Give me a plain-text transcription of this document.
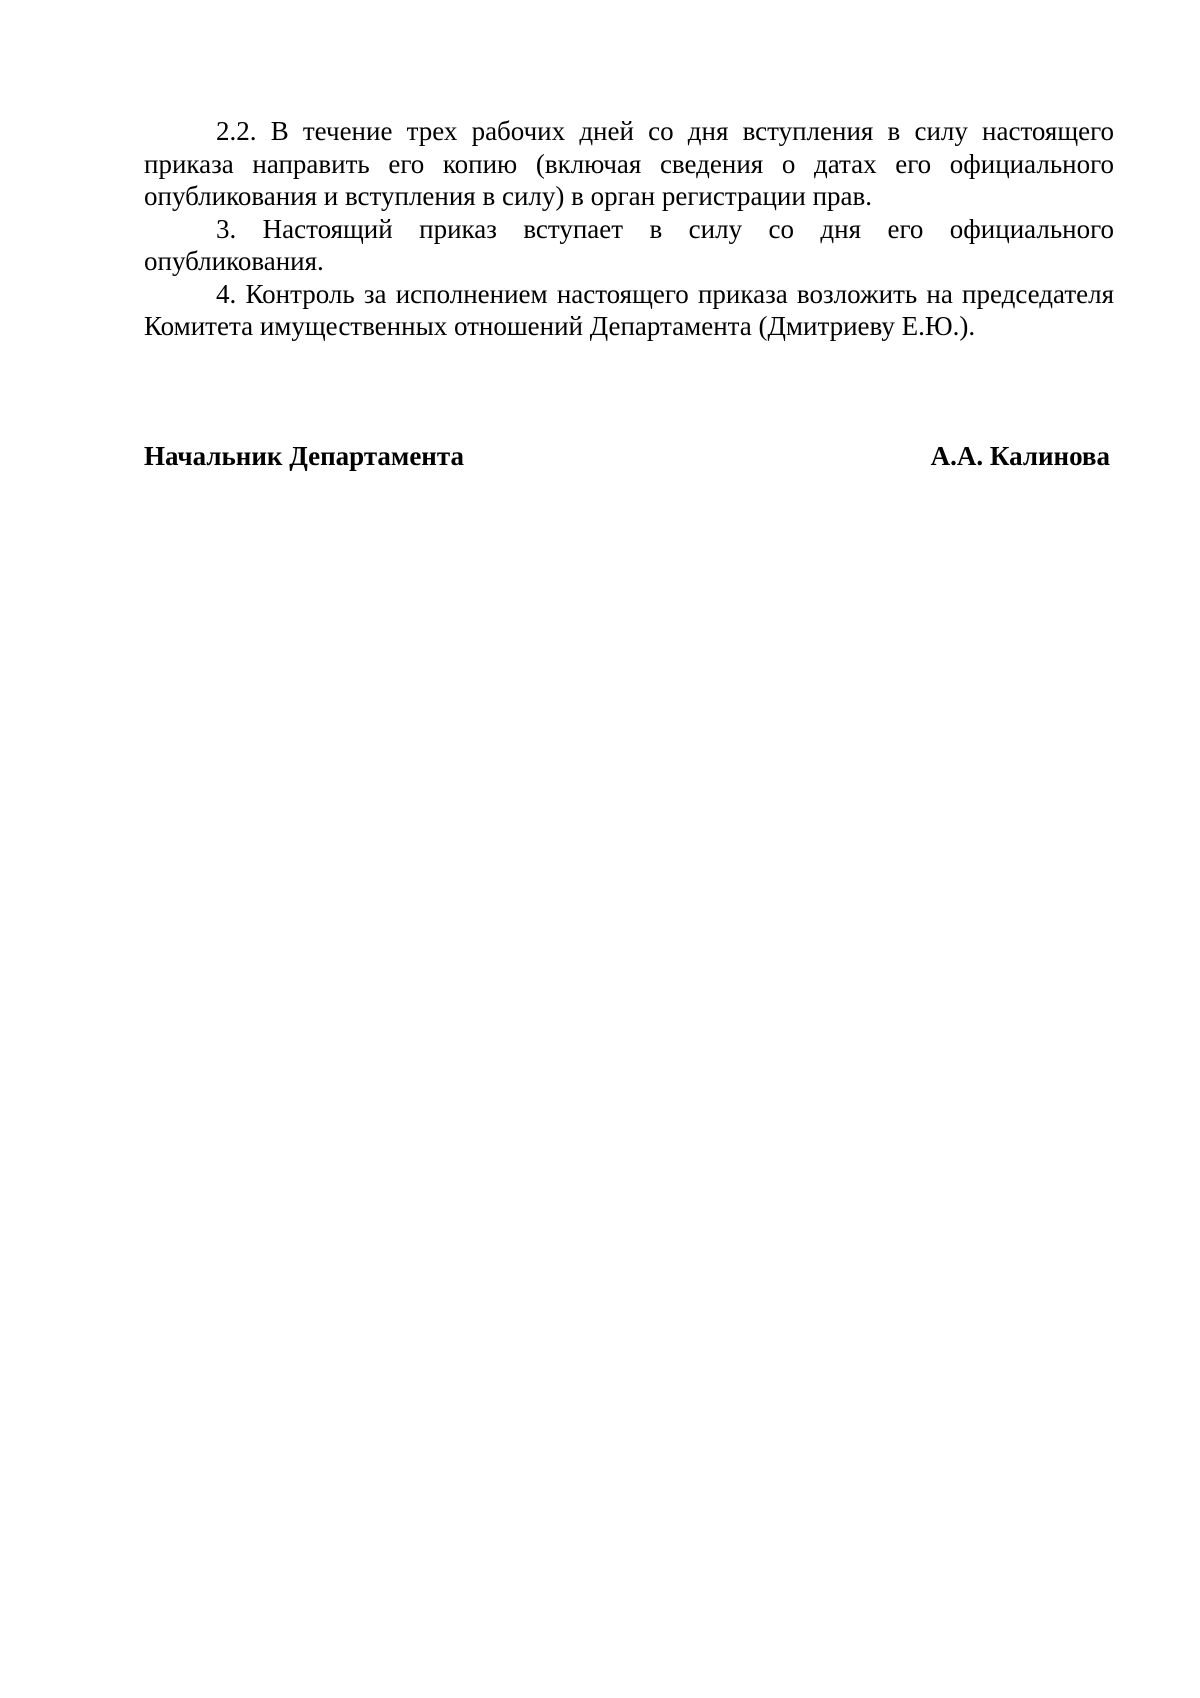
2.2. В течение трех рабочих дней со дня вступления в силу настоящего приказа направить его копию (включая сведения о датах его официального опубликования и вступления в силу) в орган регистрации прав.

3. Настоящий приказ вступает в силу со дня его официального опубликования.

4. Контроль за исполнением настоящего приказа возложить на председателя Комитета имущественных отношений Департамента (Дмитриеву Е.Ю.).

Начальник Департамента	А.А. Калинова
